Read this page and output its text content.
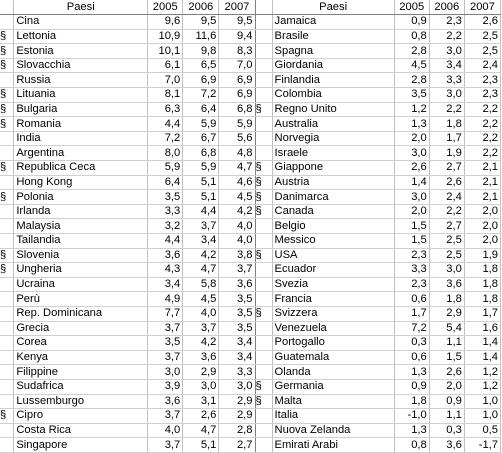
	Paesi	2005	2006	2007		Paesi	2005	2006	2007
	Cina	9,6	9,5	9,5		Jamaica	0,9	2,3	2,6
§	Lettonia	10,9	11,6	9,4		Brasile	0,8	2,2	2,5
§	Estonia	10,1	9,8	8,3		Spagna	2,8	3,0	2,5
§	Slovacchia	6,1	6,5	7,0		Giordania	4,5	3,4	2,4
	Russia	7,0	6,9	6,9		Finlandia	2,8	3,3	2,3
§	Lituania	8,1	7,2	6,9		Colombia	3,5	3,0	2,3
§	Bulgaria	6,3	6,4	6,8	§	Regno Unito	1,2	2,2	2,2
§	Romania	4,4	5,9	5,9		Australia	1,3	1,8	2,2
	India	7,2	6,7	5,6		Norvegia	2,0	1,7	2,2
	Argentina	8,0	6,8	4,8		Israele	3,0	1,9	2,2
§	Republica Ceca	5,9	5,9	4,7	§	Giappone	2,6	2,7	2,1
	Hong Kong	6,4	5,1	4,6	§	Austria	1,4	2,6	2,1
§	Polonia	3,5	5,1	4,5	§	Danimarca	3,0	2,4	2,1
	Irlanda	3,3	4,4	4,2	§	Canada	2,0	2,2	2,0
	Malaysia	3,2	3,7	4,0		Belgio	1,5	2,7	2,0
	Tailandia	4,4	3,4	4,0		Messico	1,5	2,5	2,0
§	Slovenia	3,6	4,2	3,8	§	USA	2,3	2,5	1,9
§	Ungheria	4,3	4,7	3,7		Ecuador	3,3	3,0	1,8
	Ucraina	3,4	5,8	3,6		Svezia	2,3	3,6	1,8
	Perù	4,9	4,5	3,5		Francia	0,6	1,8	1,8
	Rep. Dominicana	7,7	4,0	3,5	§	Svizzera	1,7	2,9	1,7
	Grecia	3,7	3,7	3,5		Venezuela	7,2	5,4	1,6
	Corea	3,5	4,2	3,4		Portogallo	0,3	1,1	1,4
	Kenya	3,7	3,6	3,4		Guatemala	0,6	1,5	1,4
	Filippine	3,0	2,9	3,3		Olanda	1,3	2,6	1,2
	Sudafrica	3,9	3,0	3,0	§	Germania	0,9	2,0	1,2
	Lussemburgo	3,6	3,1	2,9	§	Malta	1,8	0,9	1,0
§	Cipro	3,7	2,6	2,9		Italia	-1,0	1,1	1,0
	Costa Rica	4,0	4,7	2,8		Nuova Zelanda	1,3	0,3	0,5
	Singapore	3,7	5,1	2,7		Emirati Arabi	0,8	3,6	-1,7
